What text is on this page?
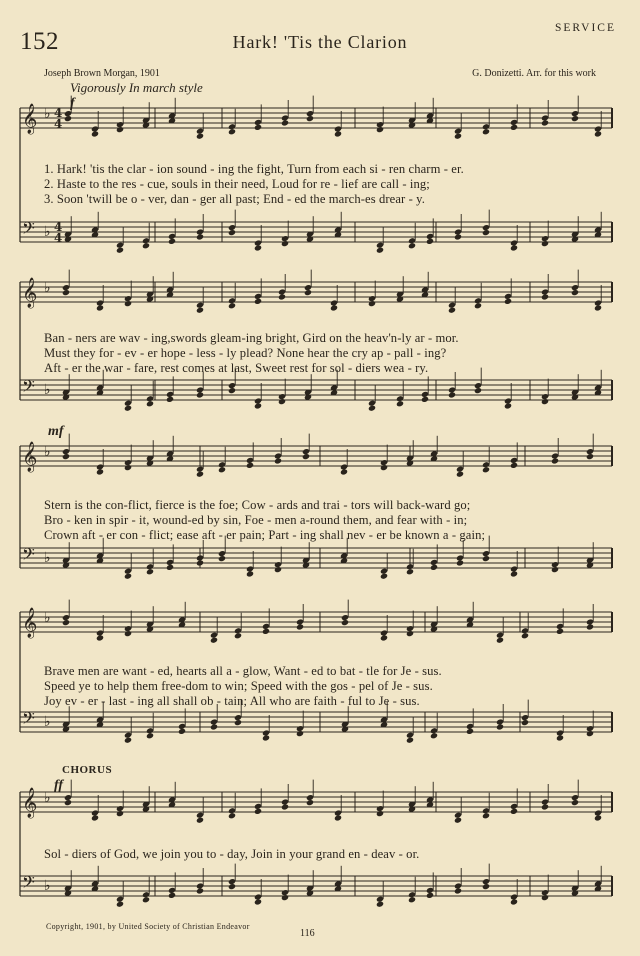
152	Hark! 'Tis the Clarion
SERVICE
Joseph Brown Morgan, 1901	G. Donizetti. Arr. for this work
Vigorously In march style
f
mf
CHORUS
ff
𝄞 ♭ 4
4
𝄢 ♭ 4
4
𝄞 ♭
𝄢 ♭
𝄞 ♭
𝄢 ♭
𝄞 ♭
𝄢 ♭
𝄞 ♭
𝄢 ♭
1. Hark! 'tis the clar - ion sound - ing the fight, Turn from each si - ren charm - er.
2. Haste to the res - cue, souls in their need, Loud for re - lief are call - ing;
3. Soon 'twill be o - ver, dan - ger all past; End - ed the march-es drear - y.
Ban - ners are wav - ing,swords gleam-ing bright, Gird on the heav'n-ly ar - mor.
Must they for - ev - er hope - less - ly plead? None hear the cry ap - pall - ing?
Aft - er the war - fare, rest comes at last, Sweet rest for sol - diers wea - ry.
Stern is the con-flict, fierce is the foe; Cow - ards and trai - tors will back-ward go;
Bro - ken in spir - it, wound-ed by sin, Foe - men a-round them, and fear with - in;
Crown aft - er con - flict; ease aft - er pain; Part - ing shall nev - er be known a - gain;
Brave men are want - ed, hearts all a - glow, Want - ed to bat - tle for Je - sus.
Speed ye to help them free-dom to win; Speed with the gos - pel of Je - sus.
Joy ev - er - last - ing all shall ob - tain; All who are faith - ful to Je - sus.
Sol - diers of God, we join you to - day, Join in your grand en - deav - or.
Copyright, 1901, by United Society of Christian Endeavor
116
